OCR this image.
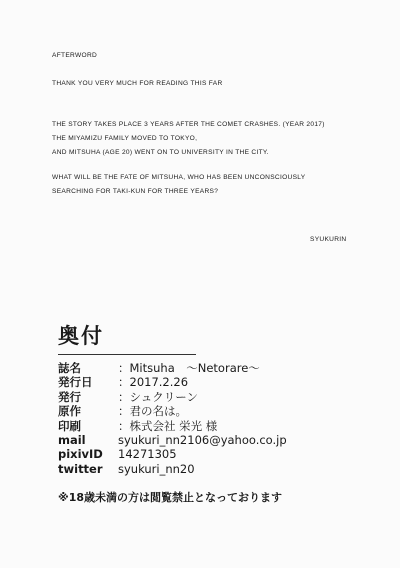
AFTERWORD
THANK YOU VERY MUCH FOR READING THIS FAR
THE STORY TAKES PLACE 3 YEARS AFTER THE COMET CRASHES. (YEAR 2017)
THE MIYAMIZU FAMILY MOVED TO TOKYO,
AND MITSUHA (AGE 20) WENT ON TO UNIVERSITY IN THE CITY.
WHAT WILL BE THE FATE OF MITSUHA, WHO HAS BEEN UNCONSCIOUSLY
SEARCHING FOR TAKI-KUN FOR THREE YEARS?
SYUKURIN
奥付
誌名	：Mitsuha　〜Netorare〜
発行日	：2017.2.26
発行	：シュクリーン
原作	：君の名は。
印刷	：株式会社 栄光 様
mail	syukuri_nn2106@yahoo.co.jp
pixivID	14271305
twitter	syukuri_nn20
※18歳未満の方は閲覧禁止となっております
